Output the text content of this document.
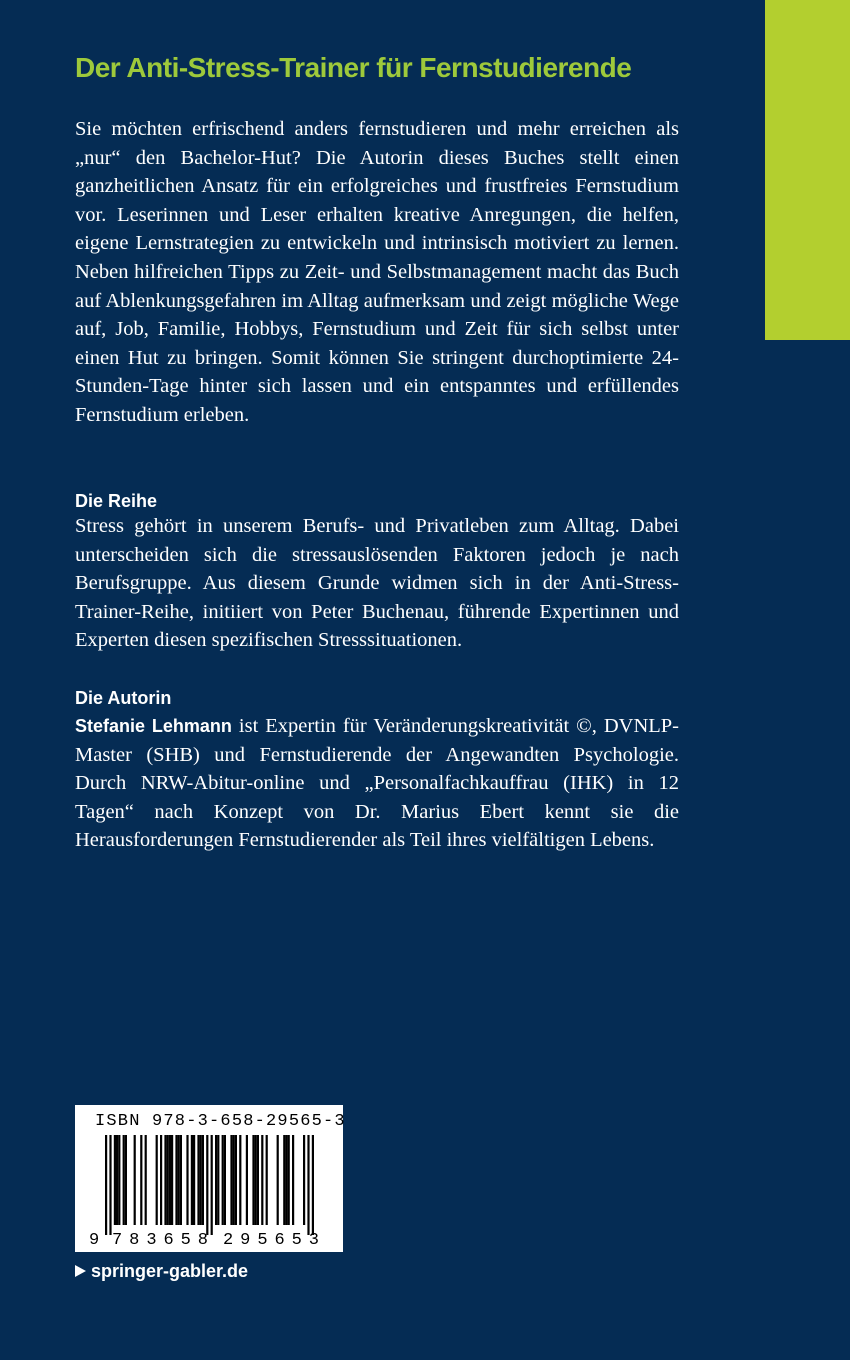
Der Anti-Stress-Trainer für Fernstudierende

Sie möchten erfrischend anders fernstudieren und mehr erreichen als „nur“ den Bachelor-Hut? Die Autorin dieses Buches stellt einen ganzheitlichen Ansatz für ein erfolgreiches und frustfreies Fernstudium vor. Leserinnen und Leser erhalten kreative Anregungen, die helfen, eigene Lernstrategien zu entwickeln und intrinsisch motiviert zu lernen. Neben hilfreichen Tipps zu Zeit- und Selbstmanagement macht das Buch auf Ablenkungsgefahren im Alltag aufmerksam und zeigt mögliche Wege auf, Job, Familie, Hobbys, Fernstudium und Zeit für sich selbst unter einen Hut zu bringen. Somit können Sie stringent durchoptimierte 24-Stunden-Tage hinter sich lassen und ein entspanntes und erfüllendes Fernstudium erleben.

Die Reihe

Stress gehört in unserem Berufs- und Privatleben zum Alltag. Dabei unterscheiden sich die stressauslösenden Faktoren jedoch je nach Berufsgruppe. Aus diesem Grunde widmen sich in der Anti-Stress-Trainer-Reihe, initiiert von Peter Buchenau, führende Expertinnen und Experten diesen spezifischen Stresssituationen.

Die Autorin

Stefanie Lehmann ist Expertin für Veränderungskreativität ©, DVNLP-Master (SHB) und Fernstudierende der Angewandten Psychologie. Durch NRW-Abitur-online und „Personalfachkauffrau (IHK) in 12 Tagen“ nach Konzept von Dr. Marius Ebert kennt sie die Herausforderungen Fernstudierender als Teil ihres vielfältigen Lebens.

ISBN 978-3-658-29565-3
9 783658 295653
springer-gabler.de
